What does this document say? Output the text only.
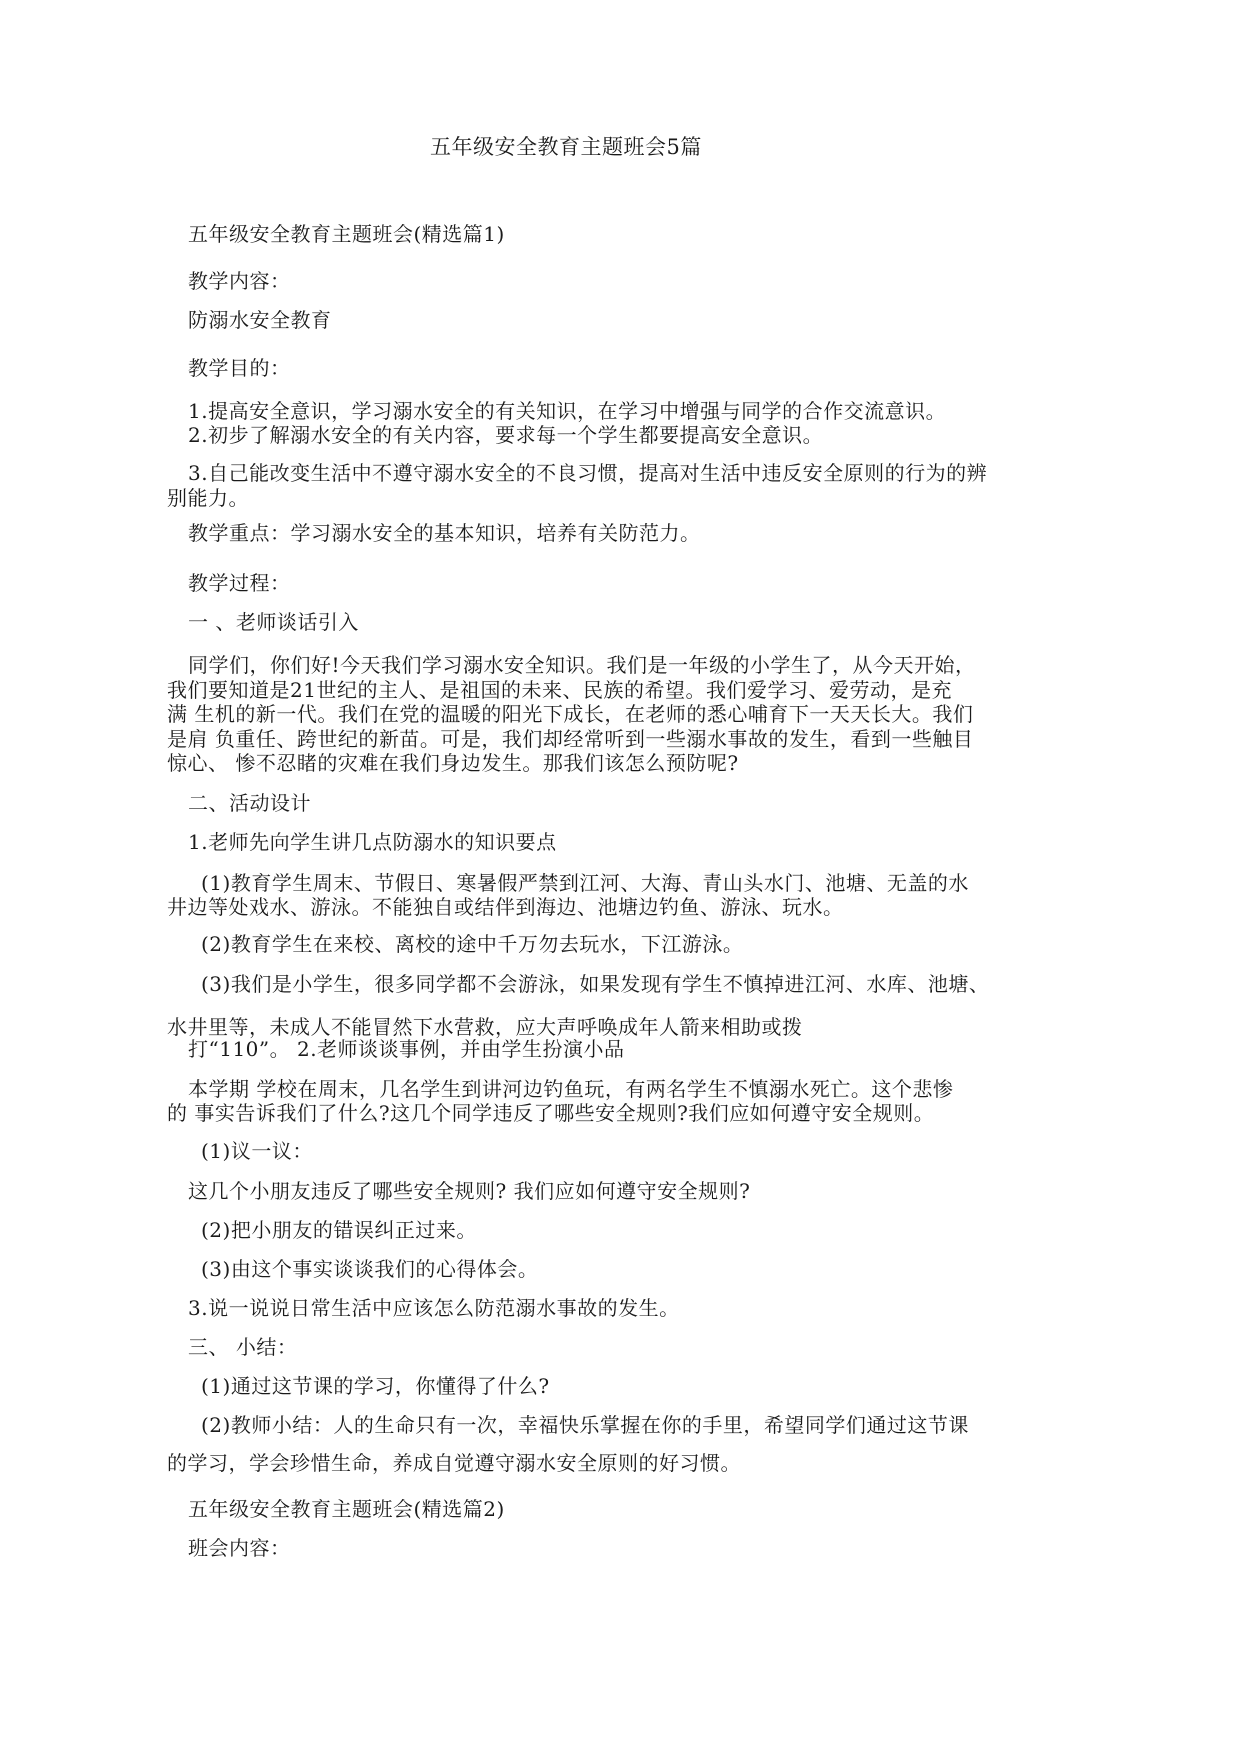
五年级安全教育主题班会5篇
五年级安全教育主题班会(精选篇1)
教学内容：
防溺水安全教育
教学目的：
1.提高安全意识，学习溺水安全的有关知识，在学习中增强与同学的合作交流意识。
2.初步了解溺水安全的有关内容，要求每一个学生都要提高安全意识。
3.自己能改变生活中不遵守溺水安全的不良习惯，提高对生活中违反安全原则的行为的辨
别能力。
教学重点：学习溺水安全的基本知识，培养有关防范力。
教学过程：
一 、老师谈话引入
同学们，你们好!今天我们学习溺水安全知识。我们是一年级的小学生了，从今天开始，
我们要知道是21世纪的主人、是祖国的未来、民族的希望。我们爱学习、爱劳动，是充
满 生机的新一代。我们在党的温暖的阳光下成长，在老师的悉心哺育下一天天长大。我们
是肩 负重任、跨世纪的新苗。可是，我们却经常听到一些溺水事故的发生，看到一些触目
惊心、 惨不忍睹的灾难在我们身边发生。那我们该怎么预防呢?
二、活动设计
1.老师先向学生讲几点防溺水的知识要点
(1)教育学生周末、节假日、寒暑假严禁到江河、大海、青山头水门、池塘、无盖的水
井边等处戏水、游泳。不能独自或结伴到海边、池塘边钓鱼、游泳、玩水。
(2)教育学生在来校、离校的途中千万勿去玩水，下江游泳。
(3)我们是小学生，很多同学都不会游泳，如果发现有学生不慎掉进江河、水库、池塘、
水井里等，未成人不能冒然下水营救，应大声呼唤成年人箭来相助或拨
打“110”。 2.老师谈谈事例，并由学生扮演小品
本学期 学校在周末，几名学生到讲河边钓鱼玩，有两名学生不慎溺水死亡。这个悲惨
的 事实告诉我们了什么?这几个同学违反了哪些安全规则?我们应如何遵守安全规则。
(1)议一议：
这几个小朋友违反了哪些安全规则? 我们应如何遵守安全规则?
(2)把小朋友的错误纠正过来。
(3)由这个事实谈谈我们的心得体会。
3.说一说说日常生活中应该怎么防范溺水事故的发生。
三、 小结：
(1)通过这节课的学习，你懂得了什么?
(2)教师小结：人的生命只有一次，幸福快乐掌握在你的手里，希望同学们通过这节课
的学习，学会珍惜生命，养成自觉遵守溺水安全原则的好习惯。
五年级安全教育主题班会(精选篇2)
班会内容：
